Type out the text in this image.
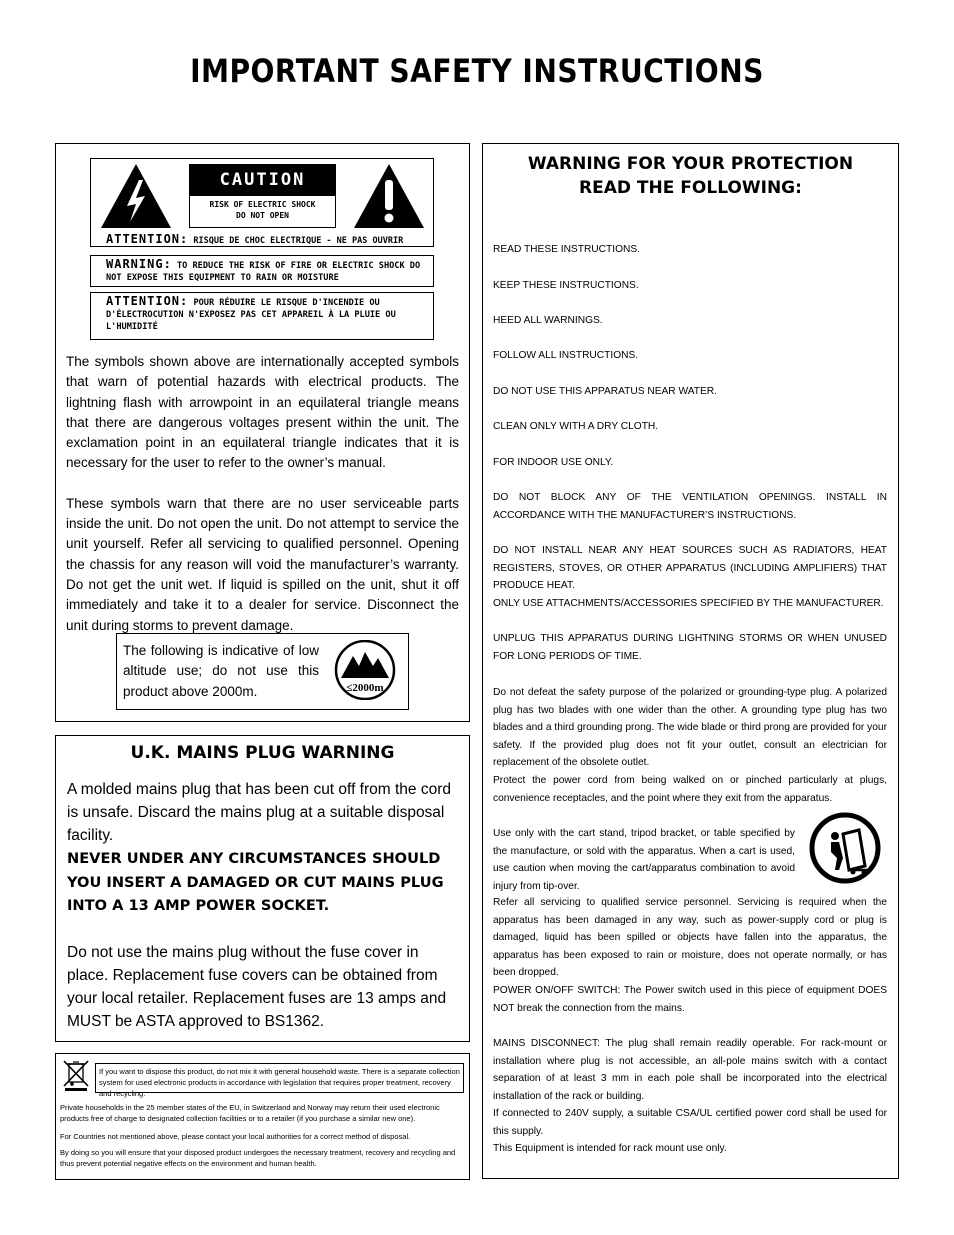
IMPORTANT SAFETY INSTRUCTIONS
CAUTION
RISK OF ELECTRIC SHOCK
DO NOT OPEN
ATTENTION: RISQUE DE CHOC ELECTRIQUE - NE PAS OUVRIR
WARNING: TO REDUCE THE RISK OF FIRE OR ELECTRIC SHOCK DO NOT EXPOSE THIS EQUIPMENT TO RAIN OR MOISTURE
ATTENTION: POUR RÉDUIRE LE RISQUE D'INCENDIE OU D'ÉLECTROCUTION N'EXPOSEZ PAS CET APPAREIL À LA PLUIE OU L'HUMIDITÉ

The symbols shown above are internationally accepted symbols that warn of potential hazards with electrical products. The lightning flash with arrowpoint in an equilateral triangle means that there are dangerous voltages present within the unit. The exclamation point in an equilateral triangle indicates that it is necessary for the user to refer to the owner’s manual.

These symbols warn that there are no user serviceable parts inside the unit. Do not open the unit. Do not attempt to service the unit yourself. Refer all servicing to qualified personnel. Opening the chassis for any reason will void the manufacturer’s warranty. Do not get the unit wet. If liquid is spilled on the unit, shut it off immediately and take it to a dealer for service. Disconnect the unit during storms to prevent damage.

The following is indicative of low altitude use; do not use this product above 2000m.	≤2000m
U.K. MAINS PLUG WARNING
A molded mains plug that has been cut off from the cord is unsafe. Discard the mains plug at a suitable disposal facility.
NEVER UNDER ANY CIRCUMSTANCES SHOULD YOU INSERT A DAMAGED OR CUT MAINS PLUG INTO A 13 AMP POWER SOCKET.
Do not use the mains plug without the fuse cover in place. Replacement fuse covers can be obtained from your local retailer. Replacement fuses are 13 amps and MUST be ASTA approved to BS1362.
If you want to dispose this product, do not mix it with general household waste. There is a separate collection system for used electronic products in accordance with legislation that requires proper treatment, recovery and recycling.
Private households in the 25 member states of the EU, in Switzerland and Norway may return their used electronic products free of charge to designated collection facilities or to a retailer (if you purchase a similar new one).
For Countries not mentioned above, please contact your local authorities for a correct method of disposal.
By doing so you will ensure that your disposed product undergoes the necessary treatment, recovery and recycling and thus prevent potential negative effects on the environment and human health.
WARNING FOR YOUR PROTECTION
READ THE FOLLOWING:
READ THESE INSTRUCTIONS.
KEEP THESE INSTRUCTIONS.
HEED ALL WARNINGS.
FOLLOW ALL INSTRUCTIONS.
DO NOT USE THIS APPARATUS NEAR WATER.
CLEAN ONLY WITH A DRY CLOTH.
FOR INDOOR USE ONLY.
DO NOT BLOCK ANY OF THE VENTILATION OPENINGS. INSTALL IN ACCORDANCE WITH THE MANUFACTURER’S INSTRUCTIONS.
DO NOT INSTALL NEAR ANY HEAT SOURCES SUCH AS RADIATORS, HEAT REGISTERS, STOVES, OR OTHER APPARATUS (INCLUDING AMPLIFIERS) THAT PRODUCE HEAT.
ONLY USE ATTACHMENTS/ACCESSORIES SPECIFIED BY THE MANUFACTURER.
UNPLUG THIS APPARATUS DURING LIGHTNING STORMS OR WHEN UNUSED FOR LONG PERIODS OF TIME.
Do not defeat the safety purpose of the polarized or grounding-type plug. A polarized plug has two blades with one wider than the other. A grounding type plug has two blades and a third grounding prong. The wide blade or third prong are provided for your safety. If the provided plug does not fit your outlet, consult an electrician for replacement of the obsolete outlet.
Protect the power cord from being walked on or pinched particularly at plugs, convenience receptacles, and the point where they exit from the apparatus.
Use only with the cart stand, tripod bracket, or table specified by the manufacture, or sold with the apparatus. When a cart is used, use caution when moving the cart/apparatus combination to avoid injury from tip-over.
Refer all servicing to qualified service personnel. Servicing is required when the apparatus has been damaged in any way, such as power-supply cord or plug is damaged, liquid has been spilled or objects have fallen into the apparatus, the apparatus has been exposed to rain or moisture, does not operate normally, or has been dropped.
POWER ON/OFF SWITCH: The Power switch used in this piece of equipment DOES NOT break the connection from the mains.
MAINS DISCONNECT: The plug shall remain readily operable. For rack-mount or installation where plug is not accessible, an all-pole mains switch with a contact separation of at least 3 mm in each pole shall be incorporated into the electrical installation of the rack or building.
If connected to 240V supply, a suitable CSA/UL certified power cord shall be used for this supply.
This Equipment is intended for rack mount use only.
